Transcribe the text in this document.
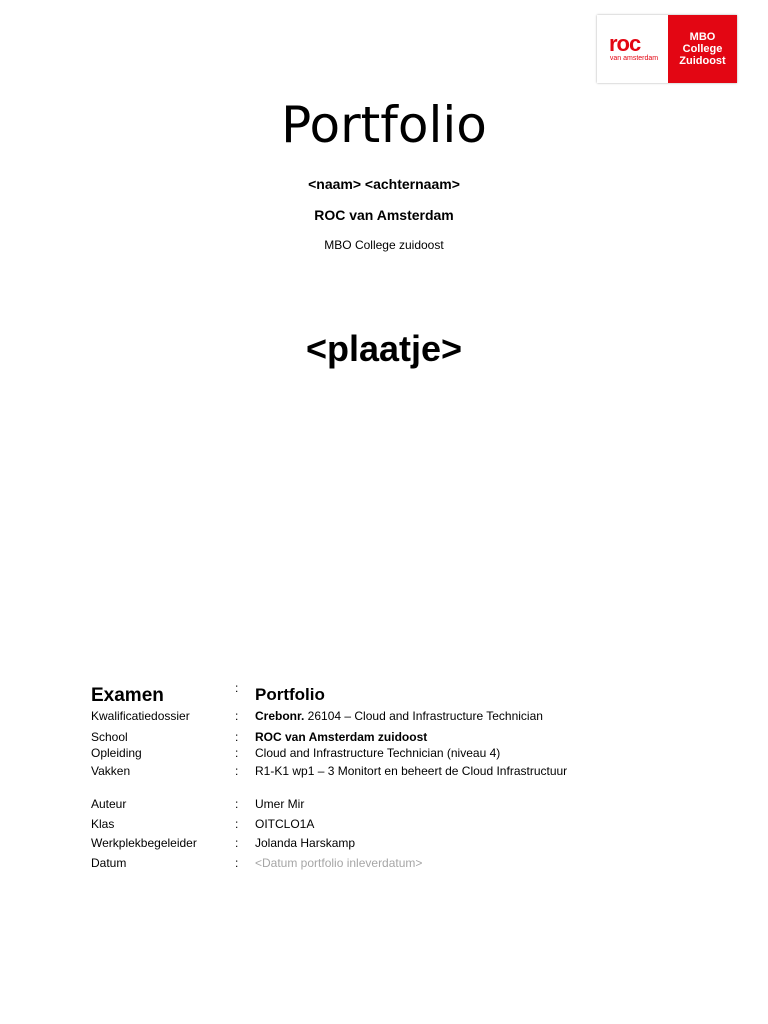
roc
van amsterdam
MBO
College
Zuidoost
Portfolio
<naam> <achternaam>
ROC van Amsterdam
MBO College zuidoost
<plaatje>
Examen	: Portfolio
Kwalificatiedossier	: Crebonr. 26104 – Cloud and Infrastructure Technician
School	: ROC van Amsterdam zuidoost
Opleiding	: Cloud and Infrastructure Technician (niveau 4)
Vakken	: R1-K1 wp1 – 3 Monitort en beheert de Cloud Infrastructuur
Auteur	: Umer Mir
Klas	: OITCLO1A
Werkplekbegeleider	: Jolanda Harskamp
Datum	: <Datum portfolio inleverdatum>
